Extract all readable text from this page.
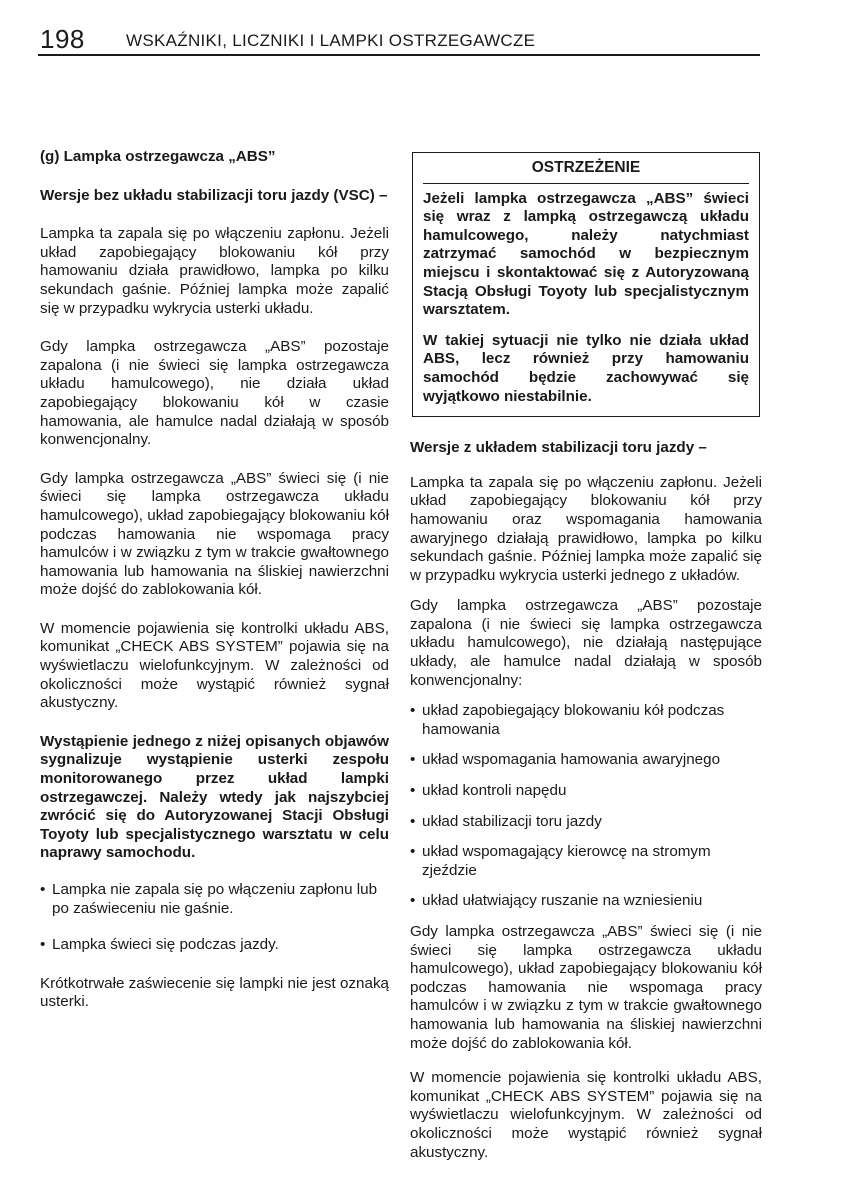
198 WSKAŹNIKI, LICZNIKI I LAMPKI OSTRZEGAWCZE

(g) Lampka ostrzegawcza „ABS”

Wersje bez układu stabilizacji toru jazdy (VSC) –

Lampka ta zapala się po włączeniu zapłonu. Jeżeli układ zapobiegający blokowaniu kół przy hamowaniu działa prawidłowo, lampka po kilku sekundach gaśnie. Później lampka może zapalić się w przypadku wykrycia usterki układu.

Gdy lampka ostrzegawcza „ABS” pozostaje zapalona (i nie świeci się lampka ostrzegawcza układu hamulcowego), nie działa układ zapobiegający blokowaniu kół w czasie hamowania, ale hamulce nadal działają w sposób konwencjonalny.

Gdy lampka ostrzegawcza „ABS” świeci się (i nie świeci się lampka ostrzegawcza układu hamulcowego), układ zapobiegający blokowaniu kół podczas hamowania nie wspomaga pracy hamulców i w związku z tym w trakcie gwałtownego hamowania lub hamowania na śliskiej nawierzchni może dojść do zablokowania kół.

W momencie pojawienia się kontrolki układu ABS, komunikat „CHECK ABS SYSTEM” pojawia się na wyświetlaczu wielofunkcyjnym. W zależności od okoliczności może wystąpić również sygnał akustyczny.

Wystąpienie jednego z niżej opisanych objawów sygnalizuje wystąpienie usterki zespołu monitorowanego przez układ lampki ostrzegawczej. Należy wtedy jak najszybciej zwrócić się do Autoryzowanej Stacji Obsługi Toyoty lub specjalistycznego warsztatu w celu naprawy samochodu.

• Lampka nie zapala się po włączeniu zapłonu lub po zaświeceniu nie gaśnie.
• Lampka świeci się podczas jazdy.

Krótkotrwałe zaświecenie się lampki nie jest oznaką usterki.

OSTRZEŻENIE

Jeżeli lampka ostrzegawcza „ABS” świeci się wraz z lampką ostrzegawczą układu hamulcowego, należy natychmiast zatrzymać samochód w bezpiecznym miejscu i skontaktować się z Autoryzowaną Stacją Obsługi Toyoty lub specjalistycznym warsztatem.

W takiej sytuacji nie tylko nie działa układ ABS, lecz również przy hamowaniu samochód będzie zachowywać się wyjątkowo niestabilnie.

Wersje z układem stabilizacji toru jazdy –

Lampka ta zapala się po włączeniu zapłonu. Jeżeli układ zapobiegający blokowaniu kół przy hamowaniu oraz wspomagania hamowania awaryjnego działają prawidłowo, lampka po kilku sekundach gaśnie. Później lampka może zapalić się w przypadku wykrycia usterki jednego z układów.

Gdy lampka ostrzegawcza „ABS” pozostaje zapalona (i nie świeci się lampka ostrzegawcza układu hamulcowego), nie działają następujące układy, ale hamulce nadal działają w sposób konwencjonalny:

• układ zapobiegający blokowaniu kół podczas hamowania
• układ wspomagania hamowania awaryjnego
• układ kontroli napędu
• układ stabilizacji toru jazdy
• układ wspomagający kierowcę na stromym zjeździe
• układ ułatwiający ruszanie na wzniesieniu

Gdy lampka ostrzegawcza „ABS” świeci się (i nie świeci się lampka ostrzegawcza układu hamulcowego), układ zapobiegający blokowaniu kół podczas hamowania nie wspomaga pracy hamulców i w związku z tym w trakcie gwałtownego hamowania lub hamowania na śliskiej nawierzchni może dojść do zablokowania kół.

W momencie pojawienia się kontrolki układu ABS, komunikat „CHECK ABS SYSTEM” pojawia się na wyświetlaczu wielofunkcyjnym. W zależności od okoliczności może wystąpić również sygnał akustyczny.
